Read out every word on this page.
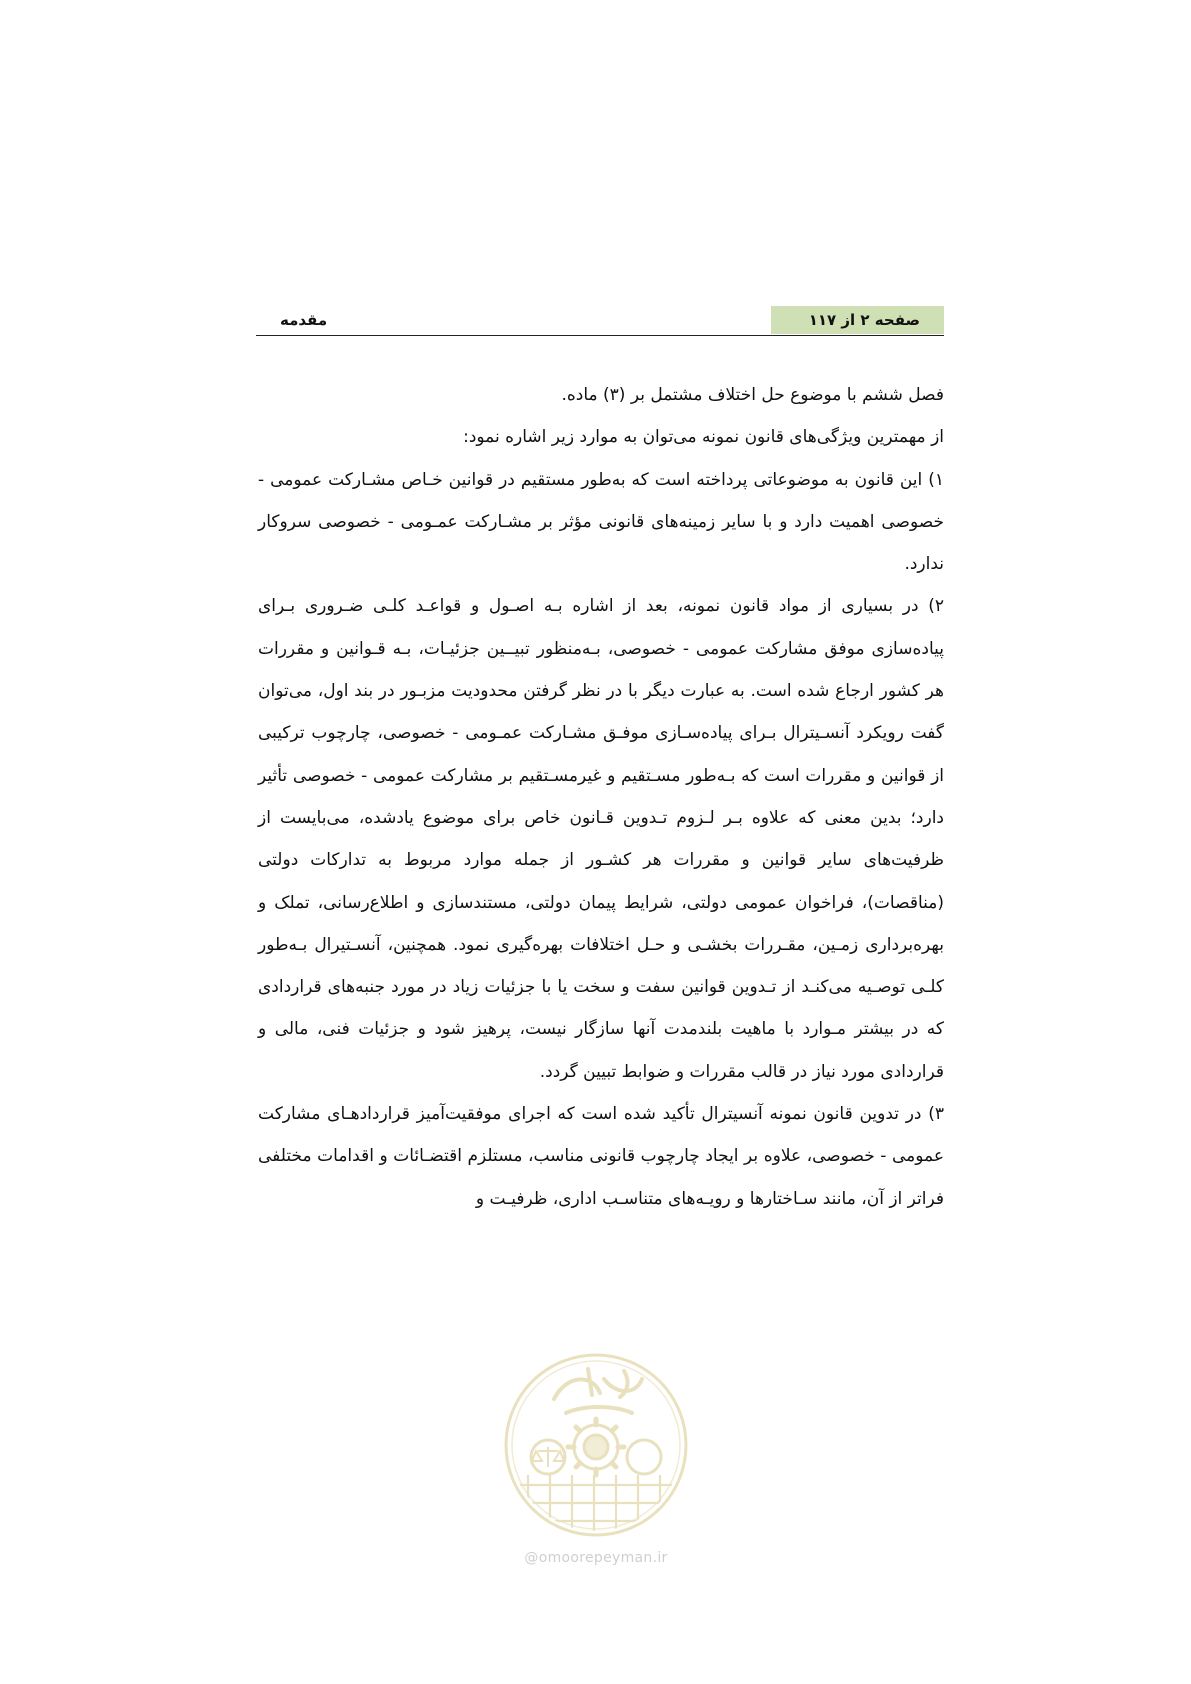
صفحه ۲ از ۱۱۷
مقدمه

فصل ششم با موضوع حل اختلاف مشتمل بر (۳) ماده.

از مهمترین ویژگی‌های قانون نمونه می‌توان به موارد زیر اشاره نمود:

۱) این قانون به موضوعاتی پرداخته است که به‌طور مستقیم در قوانین خـاص مشـارکت عمومی - خصوصی اهمیت دارد و با سایر زمینه‌های قانونی مؤثر بر مشـارکت عمـومی - خصوصی سروکار ندارد.

۲) در بسیاری از مواد قانون نمونه، بعد از اشاره بـه اصـول و قواعـد کلـی ضـروری بـرای پیاده‌سازی موفق مشارکت عمومی - خصوصی، بـه‌منظور تبیــین جزئیـات، بـه قـوانین و مقررات هر کشور ارجاع شده است. به عبارت دیگر با در نظر گرفتن محدودیت مزبـور در بند اول، می‌توان گفت رویکرد آنسـیترال بـرای پیاده‌سـازی موفـق مشـارکت عمـومی - خصوصی، چارچوب ترکیبی از قوانین و مقررات است که بـه‌طور مسـتقیم و غیرمسـتقیم بر مشارکت عمومی - خصوصی تأثیر دارد؛ بدین معنی که علاوه بـر لـزوم تـدوین قـانون خاص برای موضوع یادشده، می‌بایست از ظرفیت‌های سایر قوانین و مقررات هر کشـور از جمله موارد مربوط به تدارکات دولتی (مناقصات)، فراخوان عمومی دولتی، شرایط پیمان دولتی، مستندسازی و اطلاع‌رسانی، تملک و بهره‌برداری زمـین، مقـررات بخشـی و حـل اختلافات بهره‌گیری نمود. همچنین، آنسـتیرال بـه‌طور کلـی توصـیه می‌کنـد از تـدوین قوانین سفت و سخت یا با جزئیات زیاد در مورد جنبه‌های قراردادی که در بیشتر مـوارد با ماهیت بلندمدت آنها سازگار نیست، پرهیز شود و جزئیات فنی، مالی و قراردادی مورد نیاز در قالب مقررات و ضوابط تبیین گردد.

۳) در تدوین قانون نمونه آنسیترال تأکید شده است که اجرای موفقیت‌آمیز قراردادهـای مشارکت عمومی - خصوصی، علاوه بر ایجاد چارچوب قانونی مناسب، مستلزم اقتضـائات و اقدامات مختلفی فراتر از آن، مانند سـاختارها و رویـه‌های متناسـب اداری، ظرفیـت و

@omoorepeyman.ir
